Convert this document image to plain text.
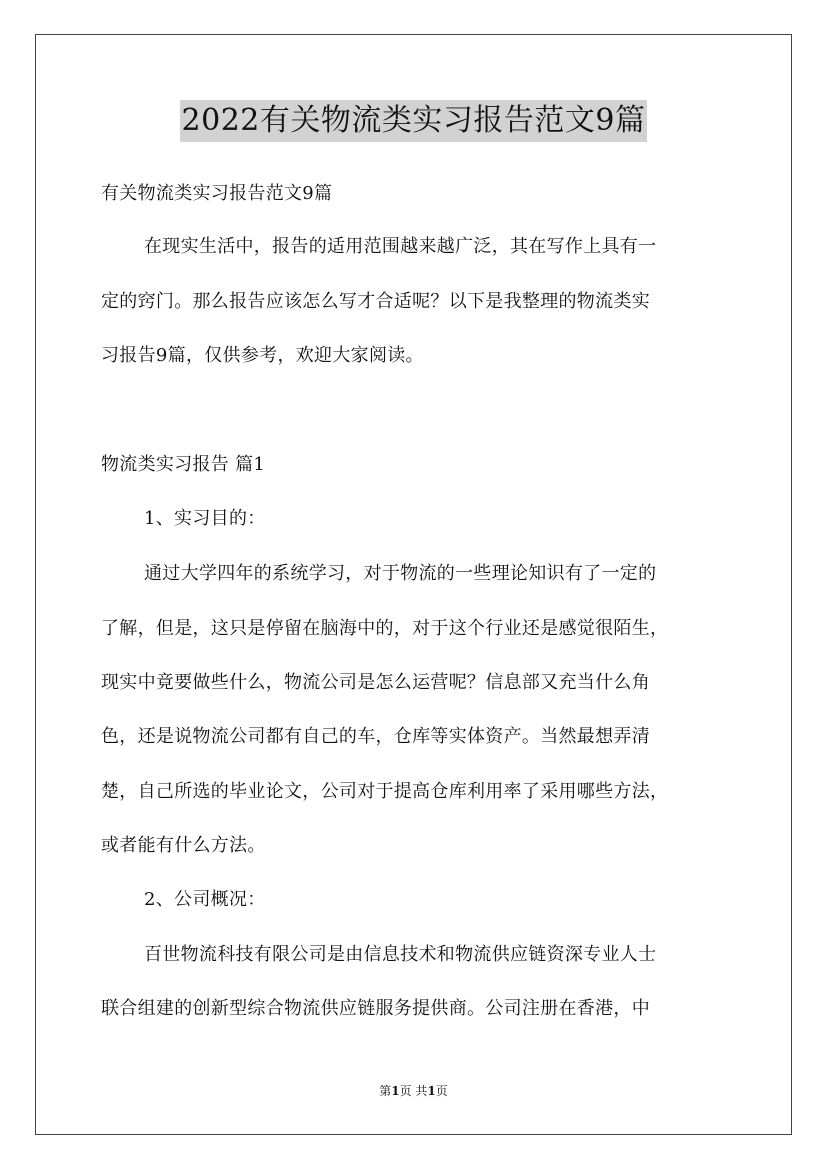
2022有关物流类实习报告范文9篇
有关物流类实习报告范文9篇
在现实生活中，报告的适用范围越来越广泛，其在写作上具有一
定的窍门。那么报告应该怎么写才合适呢？以下是我整理的物流类实
习报告9篇，仅供参考，欢迎大家阅读。
物流类实习报告 篇1
1、实习目的：
通过大学四年的系统学习，对于物流的一些理论知识有了一定的
了解，但是，这只是停留在脑海中的，对于这个行业还是感觉很陌生，
现实中竟要做些什么，物流公司是怎么运营呢？信息部又充当什么角
色，还是说物流公司都有自己的车，仓库等实体资产。当然最想弄清
楚，自己所选的毕业论文，公司对于提高仓库利用率了采用哪些方法，
或者能有什么方法。
2、公司概况：
百世物流科技有限公司是由信息技术和物流供应链资深专业人士
联合组建的创新型综合物流供应链服务提供商。公司注册在香港，中
第1页 共1页
